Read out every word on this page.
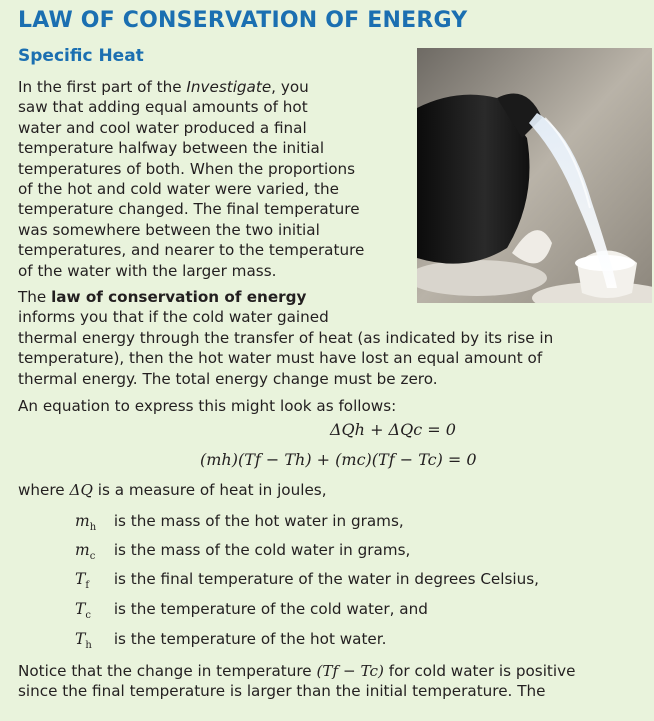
LAW OF CONSERVATION OF ENERGY
Specific Heat
In the first part of the Investigate, you
saw that adding equal amounts of hot
water and cool water produced a final
temperature halfway between the initial
temperatures of both. When the proportions
of the hot and cold water were varied, the
temperature changed. The final temperature
was somewhere between the two initial
temperatures, and nearer to the temperature
of the water with the larger mass.
The law of conservation of energy
informs you that if the cold water gained
thermal energy through the transfer of heat (as indicated by its rise in
temperature), then the hot water must have lost an equal amount of
thermal energy. The total energy change must be zero.
An equation to express this might look as follows:
ΔQh + ΔQc = 0
(mh)(Tf − Th) + (mc)(Tf − Tc) = 0
where ΔQ is a measure of heat in joules,
$m_h$ is the mass of the hot water in grams,
$m_c$ is the mass of the cold water in grams,
$T_f$ is the final temperature of the water in degrees Celsius,
$T_c$ is the temperature of the cold water, and
$T_h$ is the temperature of the hot water.
Notice that the change in temperature (Tf − Tc) for cold water is positive
since the final temperature is larger than the initial temperature. The
